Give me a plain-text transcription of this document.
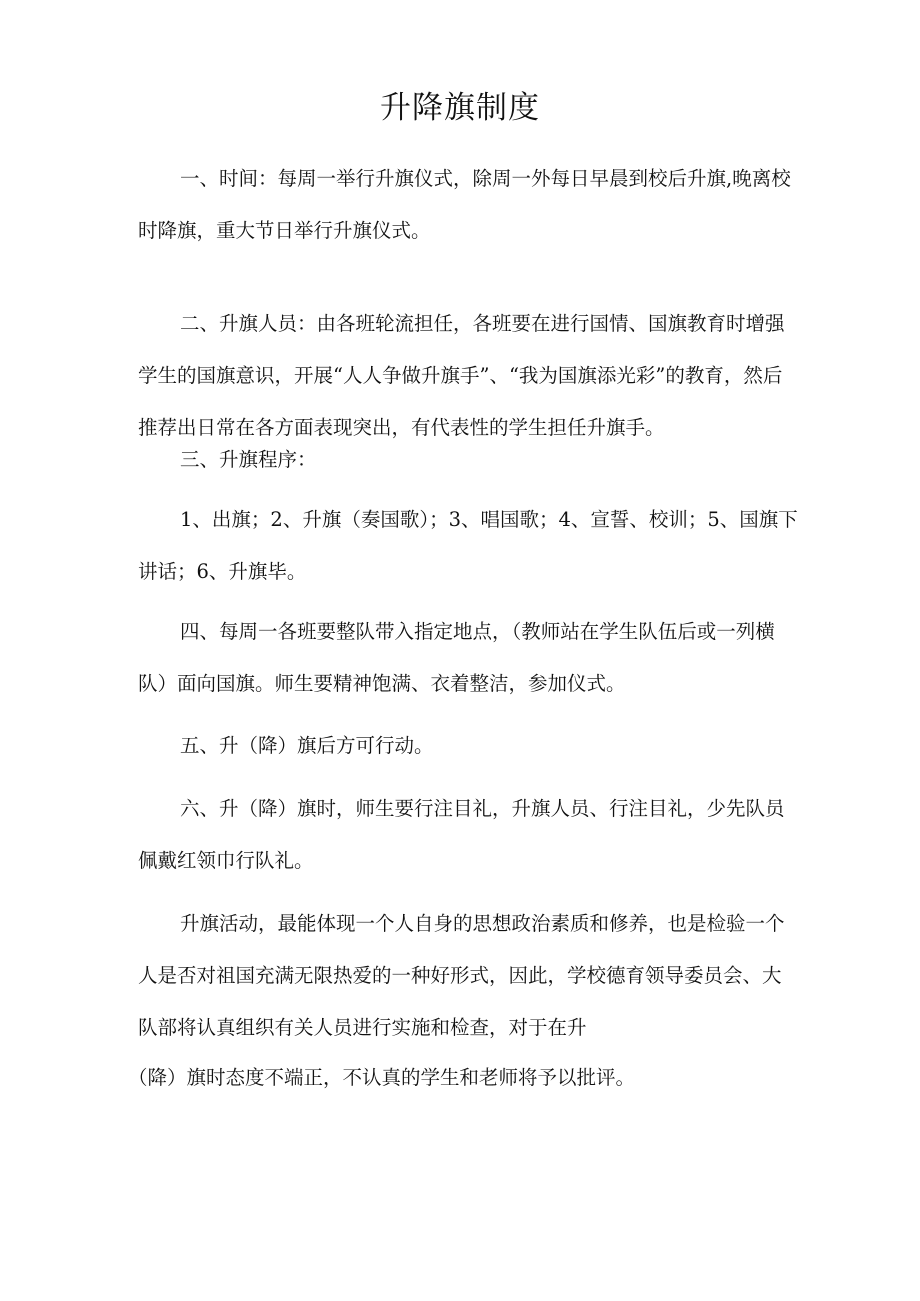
升降旗制度

一、时间：每周一举行升旗仪式，除周一外每日早晨到校后升旗,晚离校时降旗，重大节日举行升旗仪式。

二、升旗人员：由各班轮流担任，各班要在进行国情、国旗教育时增强学生的国旗意识，开展“人人争做升旗手”、“我为国旗添光彩”的教育，然后推荐出日常在各方面表现突出，有代表性的学生担任升旗手。

三、升旗程序：

1、出旗；2、升旗（奏国歌）；3、唱国歌；4、宣誓、校训；5、国旗下讲话；6、升旗毕。

四、每周一各班要整队带入指定地点，（教师站在学生队伍后或一列横队）面向国旗。师生要精神饱满、衣着整洁，参加仪式。

五、升（降）旗后方可行动。

六、升（降）旗时，师生要行注目礼，升旗人员、行注目礼，少先队员佩戴红领巾行队礼。

升旗活动，最能体现一个人自身的思想政治素质和修养，也是检验一个人是否对祖国充满无限热爱的一种好形式，因此，学校德育领导委员会、大队部将认真组织有关人员进行实施和检查，对于在升

（降）旗时态度不端正，不认真的学生和老师将予以批评。
